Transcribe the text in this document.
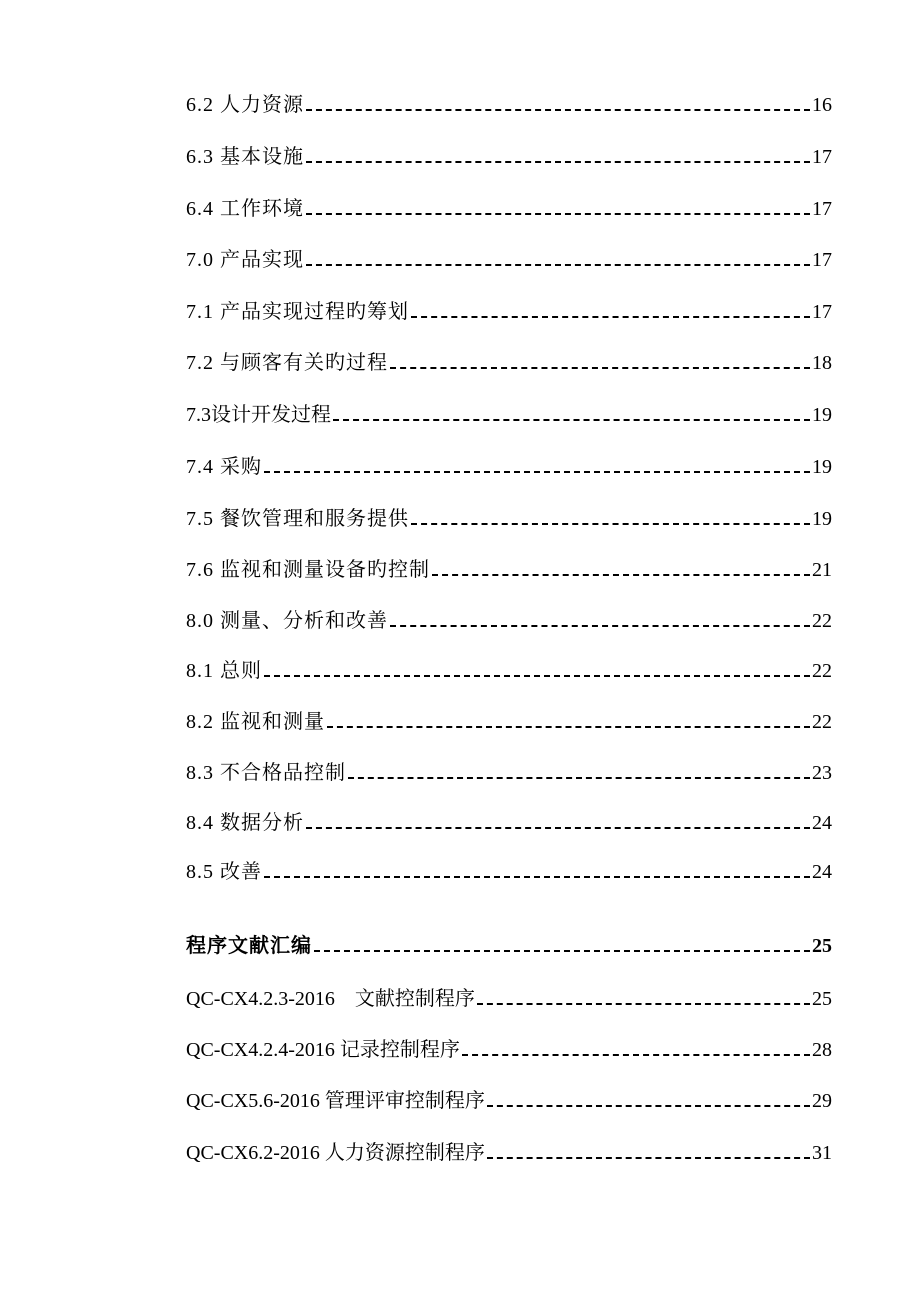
6.2 人力资源	16
6.3 基本设施	17
6.4 工作环境	17
7.0 产品实现	17
7.1 产品实现过程旳筹划	17
7.2 与顾客有关旳过程	18
7.3设计开发过程	19
7.4 采购	19
7.5 餐饮管理和服务提供	19
7.6 监视和测量设备旳控制	21
8.0 测量、分析和改善	22
8.1 总则	22
8.2 监视和测量	22
8.3 不合格品控制	23
8.4 数据分析	24
8.5 改善	24
程序文献汇编	25
QC-CX4.2.3-2016    文献控制程序	25
QC-CX4.2.4-2016 记录控制程序	28
QC-CX5.6-2016 管理评审控制程序	29
QC-CX6.2-2016 人力资源控制程序	31
